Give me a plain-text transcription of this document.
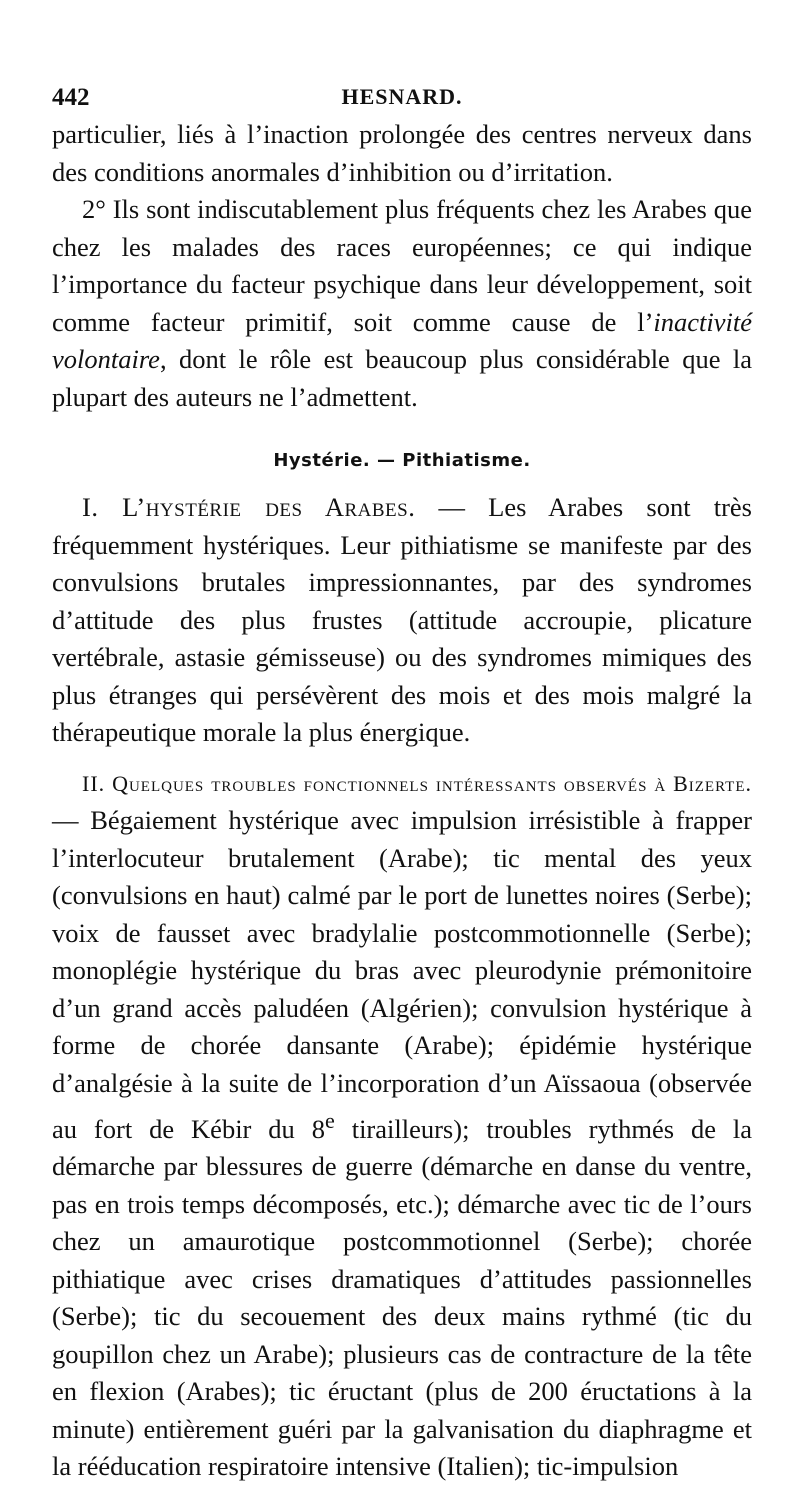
442	HESNARD.

particulier, liés à l’inaction prolongée des centres nerveux dans des conditions anormales d’inhibition ou d’irritation.

2° Ils sont indiscutablement plus fréquents chez les Arabes que chez les malades des races européennes; ce qui indique l’importance du facteur psychique dans leur développement, soit comme facteur primitif, soit comme cause de l’inactivité volontaire, dont le rôle est beaucoup plus considérable que la plupart des auteurs ne l’admettent.

Hystérie. — Pithiatisme.

I. L’hystérie des Arabes. — Les Arabes sont très fréquemment hystériques. Leur pithiatisme se manifeste par des convulsions brutales impressionnantes, par des syndromes d’attitude des plus frustes (attitude accroupie, plicature vertébrale, astasie gémisseuse) ou des syndromes mimiques des plus étranges qui persévèrent des mois et des mois malgré la thérapeutique morale la plus énergique.

II. Quelques troubles fonctionnels intéressants observés à Bizerte. — Bégaiement hystérique avec impulsion irrésistible à frapper l’interlocuteur brutalement (Arabe); tic mental des yeux (convulsions en haut) calmé par le port de lunettes noires (Serbe); voix de fausset avec bradylalie postcommotionnelle (Serbe); monoplégie hystérique du bras avec pleurodynie prémonitoire d’un grand accès paludéen (Algérien); convulsion hystérique à forme de chorée dansante (Arabe); épidémie hystérique d’analgésie à la suite de l’incorporation d’un Aïssaoua (observée au fort de Kébir du 8e tirailleurs); troubles rythmés de la démarche par blessures de guerre (démarche en danse du ventre, pas en trois temps décomposés, etc.); démarche avec tic de l’ours chez un amaurotique postcommotionnel (Serbe); chorée pithiatique avec crises dramatiques d’attitudes passionnelles (Serbe); tic du secouement des deux mains rythmé (tic du goupillon chez un Arabe); plusieurs cas de contracture de la tête en flexion (Arabes); tic éructant (plus de 200 éructations à la minute) entièrement guéri par la galvanisation du diaphragme et la rééducation respiratoire intensive (Italien); tic-impulsion
